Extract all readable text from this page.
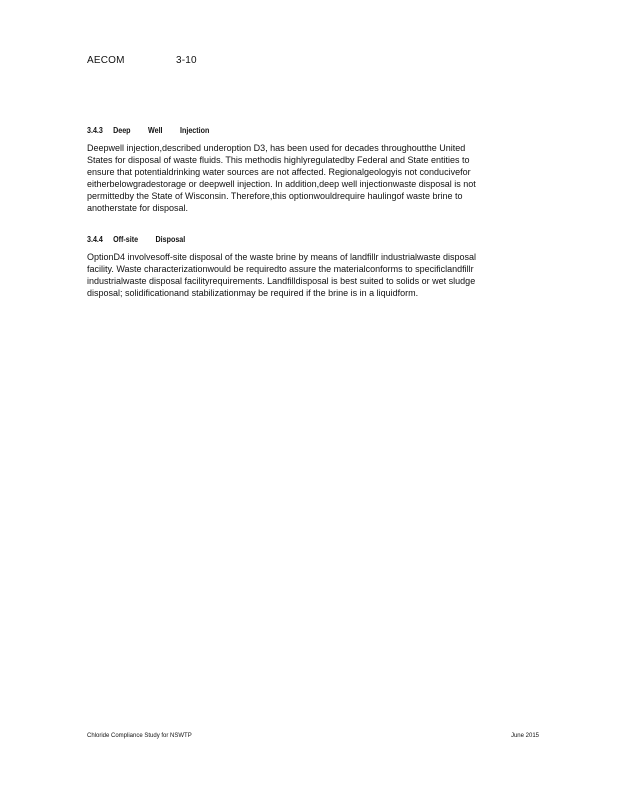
AECOM	3-10
3.4.3 Deep Well Injection

Deepwell injection,described underoption D3, has been used for decades throughoutthe United
States for disposal of waste fluids. This methodis highlyregulatedby Federal and State entities to
ensure that potentialdrinking water sources are not affected. Regionalgeologyis not conducivefor
eitherbelowgradestorage or deepwell injection. In addition,deep well injectionwaste disposal is not
permittedby the State of Wisconsin. Therefore,this optionwouldrequire haulingof waste brine to
anotherstate for disposal.

3.4.4 Off-site Disposal

OptionD4 involvesoff-site disposal of the waste brine by means of landfillr industrialwaste disposal
facility. Waste characterizationwould be requiredto assure the materialconforms to specificlandfillr
industrialwaste disposal facilityrequirements. Landfilldisposal is best suited to solids or wet sludge
disposal; solidificationand stabilizationmay be required if the brine is in a liquidform.

Chloride Compliance Study for NSWTP	June 2015
